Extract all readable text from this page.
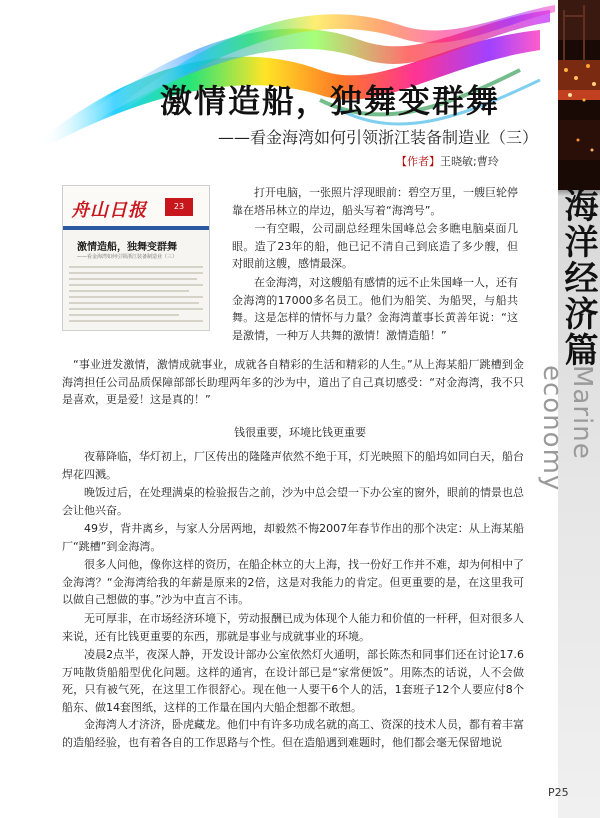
海洋经济篇
Marine economy
激情造船，独舞变群舞
——看金海湾如何引领浙江装备制造业（三）
【作者】王晓敏;曹玲
舟山日报	23
激情造船，独舞变群舞
——看金海湾如何引领浙江装备制造业（三）
打开电脑，一张照片浮现眼前：碧空万里，一艘巨轮停靠在塔吊林立的岸边，船头写着“海湾号”。
一有空暇，公司副总经理朱国峰总会多瞧电脑桌面几眼。造了23年的船，他已记不清自己到底造了多少艘，但对眼前这艘，感情最深。
在金海湾，对这艘船有感情的远不止朱国峰一人，还有金海湾的17000多名员工。他们为船笑、为船哭，与船共舞。这是怎样的情怀与力量？金海湾董事长黄善年说：“这是激情，一种万人共舞的激情！激情造船！”
“事业迸发激情，激情成就事业，成就各自精彩的生活和精彩的人生。”从上海某船厂跳槽到金海湾担任公司品质保障部部长助理两年多的沙为中，道出了自己真切感受：“对金海湾，我不只是喜欢，更是爱！这是真的！”
钱很重要，环境比钱更重要
夜幕降临，华灯初上，厂区传出的隆隆声依然不绝于耳，灯光映照下的船坞如同白天，船台焊花四溅。
晚饭过后，在处理满桌的检验报告之前，沙为中总会望一下办公室的窗外，眼前的情景也总会让他兴奋。
49岁，背井离乡，与家人分居两地，却毅然不悔2007年春节作出的那个决定：从上海某船厂“跳槽”到金海湾。
很多人问他，像你这样的资历，在船企林立的大上海，找一份好工作并不难，却为何相中了金海湾？“金海湾给我的年薪是原来的2倍，这是对我能力的肯定。但更重要的是，在这里我可以做自己想做的事。”沙为中直言不讳。
无可厚非，在市场经济环境下，劳动报酬已成为体现个人能力和价值的一杆秤，但对很多人来说，还有比钱更重要的东西，那就是事业与成就事业的环境。
凌晨2点半，夜深人静，开发设计部办公室依然灯火通明，部长陈杰和同事们还在讨论17.6万吨散货船船型优化问题。这样的通宵，在设计部已是“家常便饭”。用陈杰的话说，人不会做死，只有被气死，在这里工作很舒心。现在他一人要干6个人的活，1套班子12个人要应付8个船东、做14套图纸，这样的工作量在国内大船企想都不敢想。
金海湾人才济济，卧虎藏龙。他们中有许多功成名就的高工、资深的技术人员，都有着丰富的造船经验，也有着各自的工作思路与个性。但在造船遇到难题时，他们都会毫无保留地说
P25
